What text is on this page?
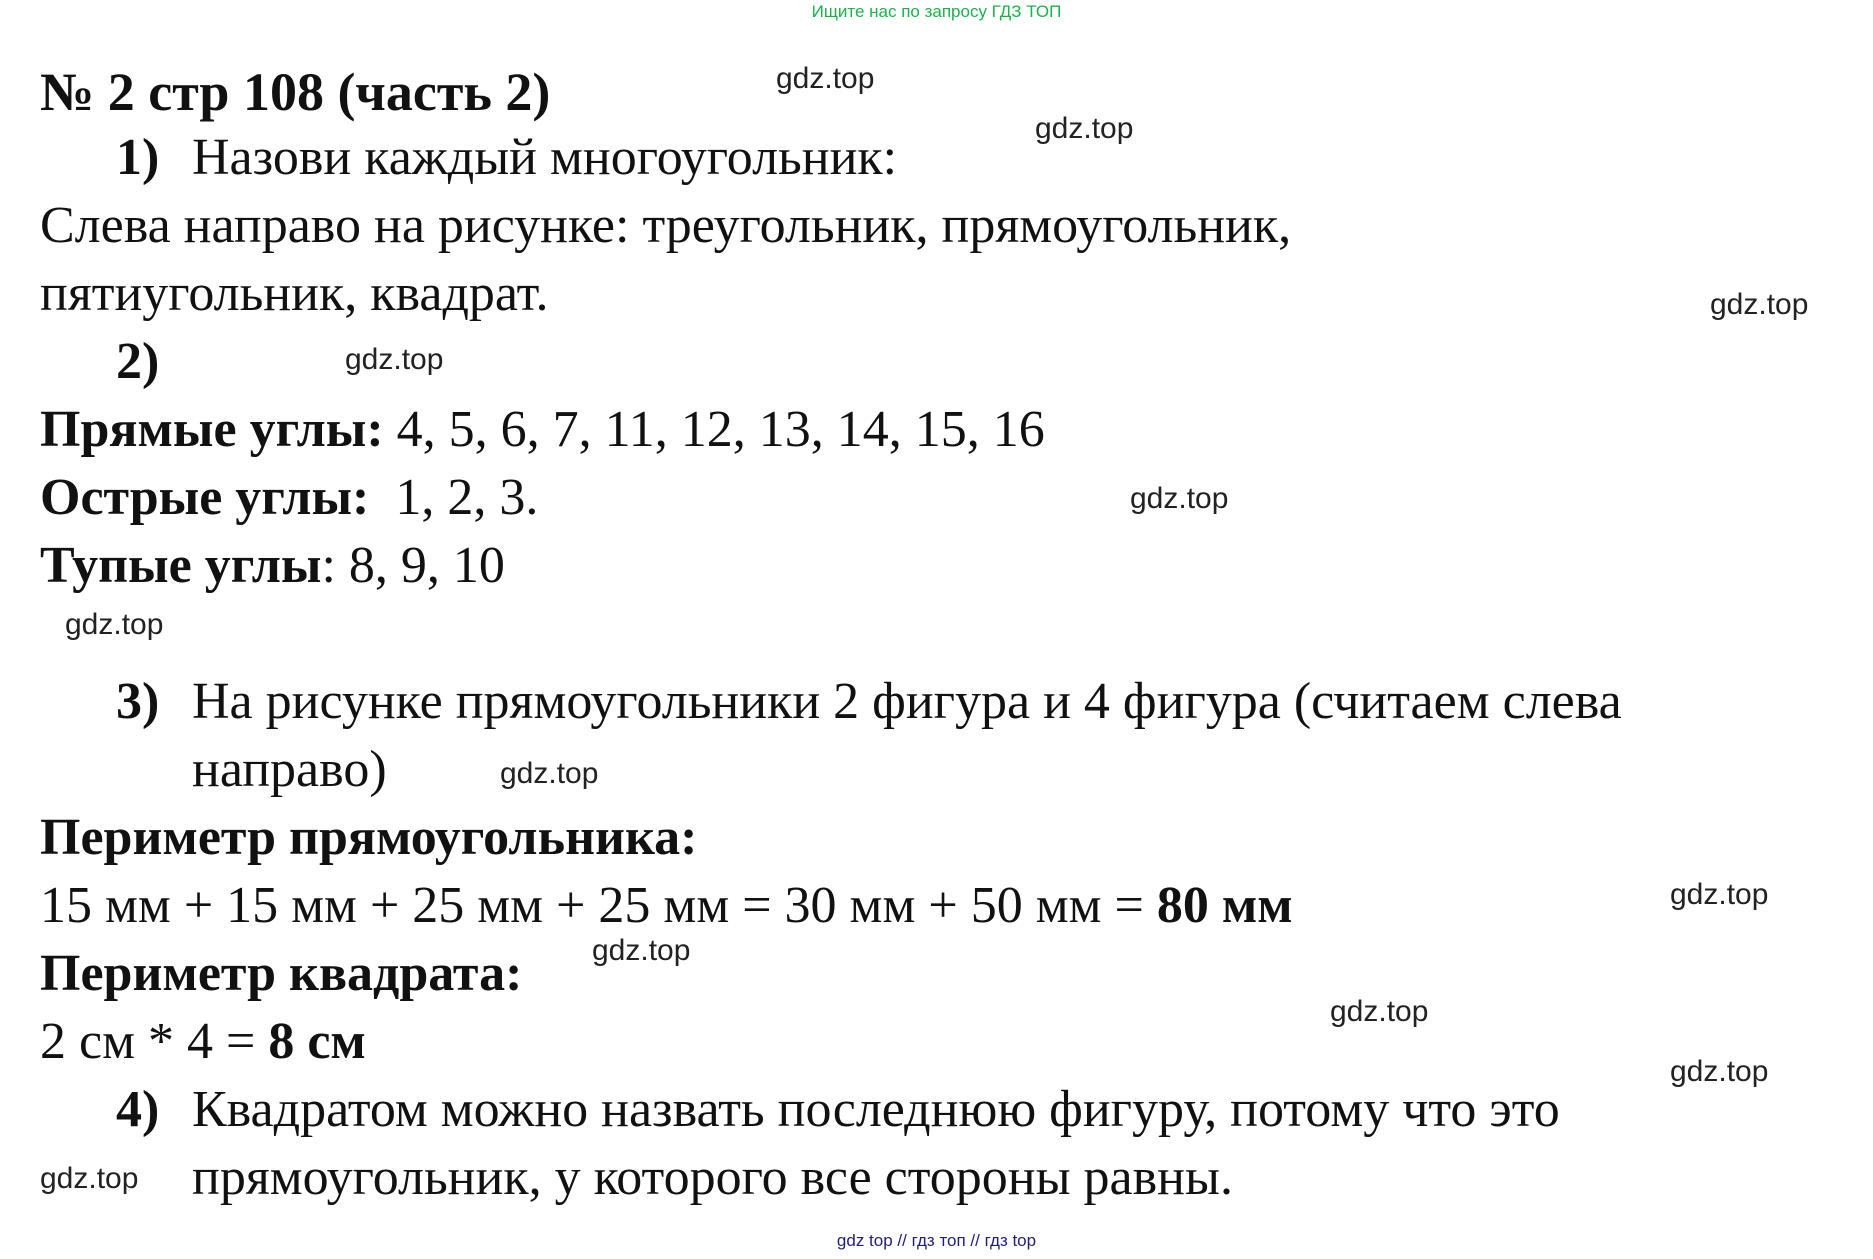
Ищите нас по запросу ГДЗ ТОП
№ 2 стр 108 (часть 2)
1) Назови каждый многоугольник:
Слева направо на рисунке: треугольник, прямоугольник,
пятиугольник, квадрат.
2)
Прямые углы: 4, 5, 6, 7, 11, 12, 13, 14, 15, 16
Острые углы: 1, 2, 3.
Тупые углы: 8, 9, 10
3) На рисунке прямоугольники 2 фигура и 4 фигура (считаем слева
направо)
Периметр прямоугольника:
15 мм + 15 мм + 25 мм + 25 мм = 30 мм + 50 мм = 80 мм
Периметр квадрата:
2 см * 4 = 8 см
4) Квадратом можно назвать последнюю фигуру, потому что это
прямоугольник, у которого все стороны равны.
gdz.top
gdz.top
gdz.top
gdz.top
gdz.top
gdz.top
gdz.top
gdz.top
gdz.top
gdz.top
gdz.top
gdz.top
gdz top // гдз топ // гдз top
